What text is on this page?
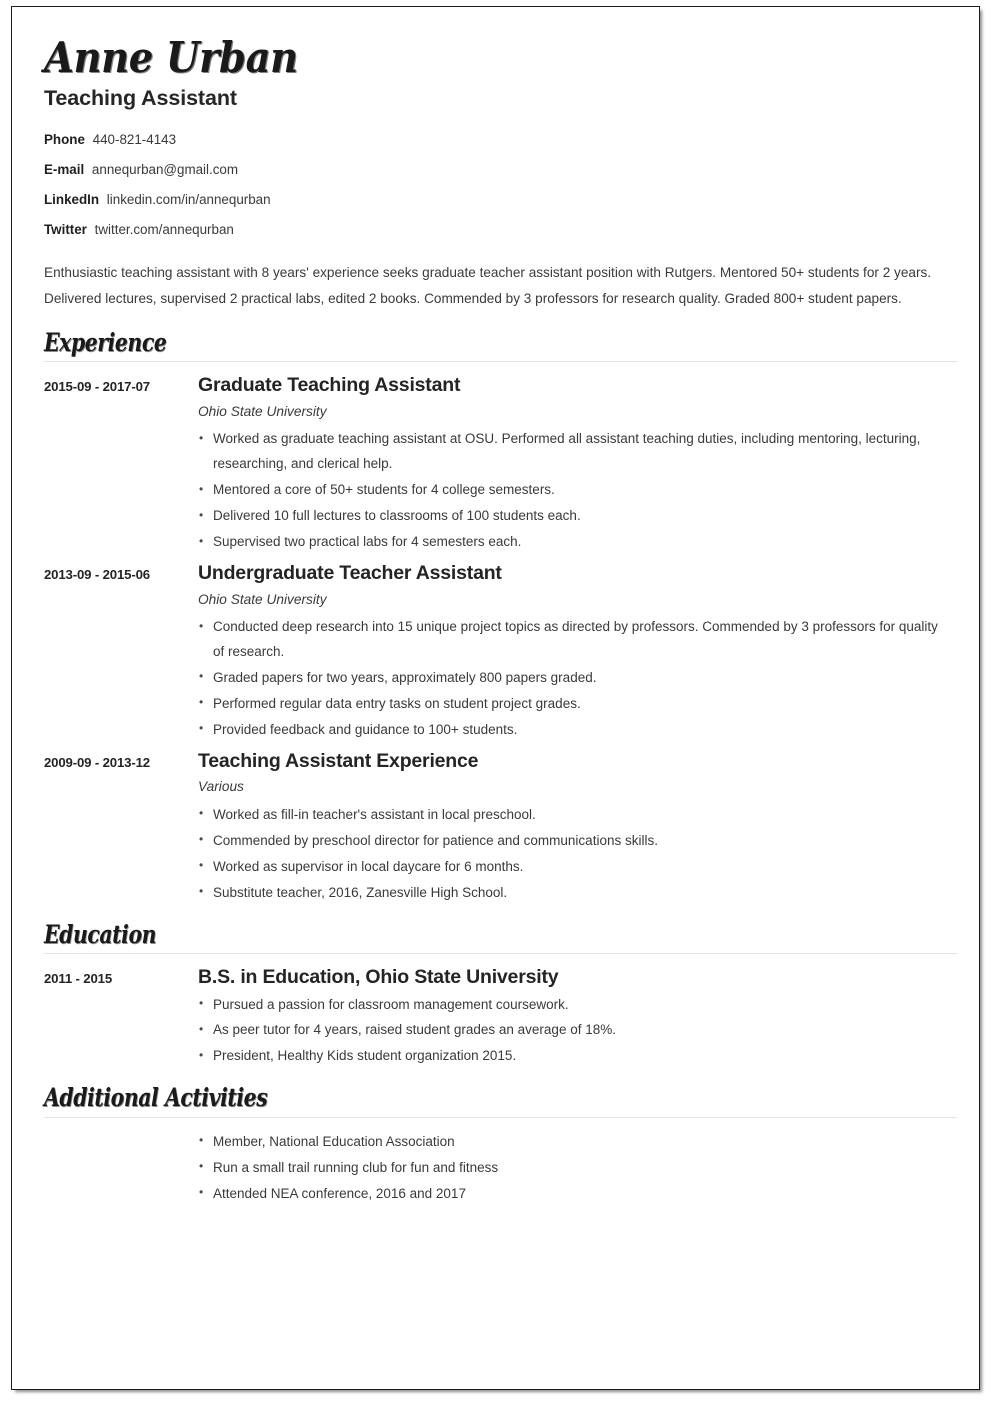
Anne Urban
Teaching Assistant
Phone 440-821-4143
E-mail annequrban@gmail.com
LinkedIn linkedin.com/in/annequrban
Twitter twitter.com/annequrban

Enthusiastic teaching assistant with 8 years' experience seeks graduate teacher assistant position with Rutgers. Mentored 50+ students for 2 years. Delivered lectures, supervised 2 practical labs, edited 2 books. Commended by 3 professors for research quality. Graded 800+ student papers.

Experience
2015-09 - 2017-07	Graduate Teaching Assistant
Ohio State University
• Worked as graduate teaching assistant at OSU. Performed all assistant teaching duties, including mentoring, lecturing, researching, and clerical help.
• Mentored a core of 50+ students for 4 college semesters.
• Delivered 10 full lectures to classrooms of 100 students each.
• Supervised two practical labs for 4 semesters each.
2013-09 - 2015-06	Undergraduate Teacher Assistant
Ohio State University
• Conducted deep research into 15 unique project topics as directed by professors. Commended by 3 professors for quality of research.
• Graded papers for two years, approximately 800 papers graded.
• Performed regular data entry tasks on student project grades.
• Provided feedback and guidance to 100+ students.
2009-09 - 2013-12	Teaching Assistant Experience
Various
• Worked as fill-in teacher's assistant in local preschool.
• Commended by preschool director for patience and communications skills.
• Worked as supervisor in local daycare for 6 months.
• Substitute teacher, 2016, Zanesville High School.
Education
2011 - 2015	B.S. in Education, Ohio State University
• Pursued a passion for classroom management coursework.
• As peer tutor for 4 years, raised student grades an average of 18%.
• President, Healthy Kids student organization 2015.
Additional Activities
• Member, National Education Association
• Run a small trail running club for fun and fitness
• Attended NEA conference, 2016 and 2017
